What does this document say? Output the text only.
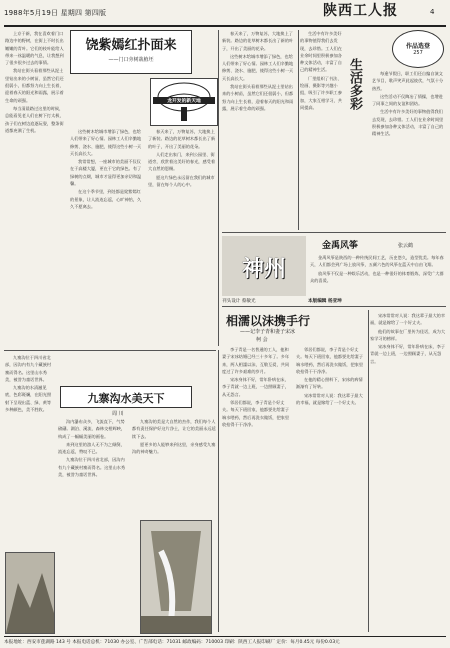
1988年5月19日 星期四 第四版	陕西工人报	4
饶紫嫣红扑面来
——门口旁树栽植坯
龙开发的新天地

上京于新，我在喜欢着门口路边中的野树，在街上不时长出嫩嫩的青叶。它们的枝叶能给人带来一丝温暖的气息，让我想到了很多很多过去的事情。

我站在街头看着那些从泥土里钻出来的小树苗，虽然它们还很弱小，但都努力向上生长着，迎着春天的阳光和雨露，展示着生命的顽强。

每当清晨路过这里的时候，总能看见老人们在树下打太极，孩子们在树边追逐玩耍，整条街道都充满了生机。	这些树木给城市增添了绿色，也给人们带来了好心情。园林工人们辛勤地修剪、浇水、施肥，使得这些小树一天天长高长大。

我常常想，一座城市的美丽不仅仅在于高楼大厦，更在于它的绿色。有了绿树的点缀，城市才显得更加亲切和温馨。

在这个季节里，到处都是姹紫嫣红的景象，让人流连忘返，心旷神怡，久久不愿离去。

春天来了，万物复苏，大地换上了新装。路边的花草树木都长出了新的叶子，开出了美丽的花朵。

人们走出家门，来到公园里、街道旁，欣赏着这美好的春光，感受着大自然的恩赐。

愿这片绿色永远留在我们的城市里，留在每个人的心中。

春天来了，万物复苏，大地换上了新装。路边的花草树木都长出了新的叶子，开出了美丽的花朵。

这些树木给城市增添了绿色，也给人们带来了好心情。园林工人们辛勤地修剪、浇水、施肥，使得这些小树一天天长高长大。

我站在街头看着那些从泥土里钻出来的小树苗，虽然它们还很弱小，但都努力向上生长着，迎着春天的阳光和雨露，展示着生命的顽强。	生活多彩
作品选登
257

生活中有许多美好的事物值得我们去发现，去珍惜。工人们在业余时间里积极参加各种文体活动，丰富了自己的精神生活。

厂里组织了书法、绘画、摄影等兴趣小组，吸引了许多职工参加，大家互相学习，共同提高。

每逢节假日，职工们还自编自演文艺节目，歌声笑声此起彼伏，气氛十分热烈。

这些活动不仅陶冶了情操，也增进了同事之间的友谊和团结。

生活中有许多美好的事物值得我们去发现，去珍惜。工人们在业余时间里积极参加各种文体活动，丰富了自己的精神生活。

神州
刊头设计 蔡敏光	本版编辑 杨亚坤
金禹风筝	张云鹤

金禹风筝是陕西的一种传统民间工艺，历史悠久，造型优美。每年春天，人们都会到广场上放风筝，五颜六色的风筝在蓝天中自由飞翔。

放风筝不仅是一种娱乐活动，也是一种很好的体育锻炼，深受广大群众的喜爱。

相濡以沫携手行
——记李子青和妻子宋冰
柯 会

李子青是一名普通的工人，他和妻子宋冰结婚已经三十多年了。多年来，两人相濡以沫，互敬互爱，共同度过了许多艰难的岁月。

宋冰身体不好，常年卧病在床，李子青就一边上班，一边照顾妻子，从无怨言。

邻居们都说，李子青是个好丈夫。每天下班回家，他都要先给妻子端水喂药，然后再洗衣做饭，把家里收拾得干干净净。

邻居们都说，李子青是个好丈夫。每天下班回家，他都要先给妻子端水喂药，然后再洗衣做饭，把家里收拾得干干净净。

在他的精心照料下，宋冰的病情渐渐有了好转。

宋冰常常对人说：我这辈子最大的幸福，就是嫁给了一个好丈夫。

宋冰常常对人说：我这辈子最大的幸福，就是嫁给了一个好丈夫。

他们的故事在厂里传为佳话，成为大家学习的榜样。

宋冰身体不好，常年卧病在床，李子青就一边上班，一边照顾妻子，从无怨言。

九寨沟水美天下
周 川

九寨沟位于四川省北部，因沟内有九个藏族村寨而得名。这里山水秀美，被誉为童话世界。

九寨沟的水清澈见底，色彩斑斓，在阳光照射下呈现出蓝、绿、黄等多种颜色，美不胜收。

沟内瀑布众多，飞流直下，气势磅礴。湖泊、溪流、森林交相辉映，构成了一幅幅美丽的画卷。

来到这里的游人无不为之倾倒，流连忘返，赞叹不已。

九寨沟位于四川省北部，因沟内有九个藏族村寨而得名。这里山水秀美，被誉为童话世界。

九寨沟的美是大自然的杰作，我们每个人都有责任保护好这片净土，让它的美丽永远延续下去。

愿更多的人能够来到这里，亲身感受九寨沟的神奇魅力。

本报地址：西安市莲湖路 143 号 本报电话总机：71030 办公室、广告部电话：71031 邮政编码：710003 印刷：陕西工人报印刷厂 定价：每月0.45元 每份0.03元
